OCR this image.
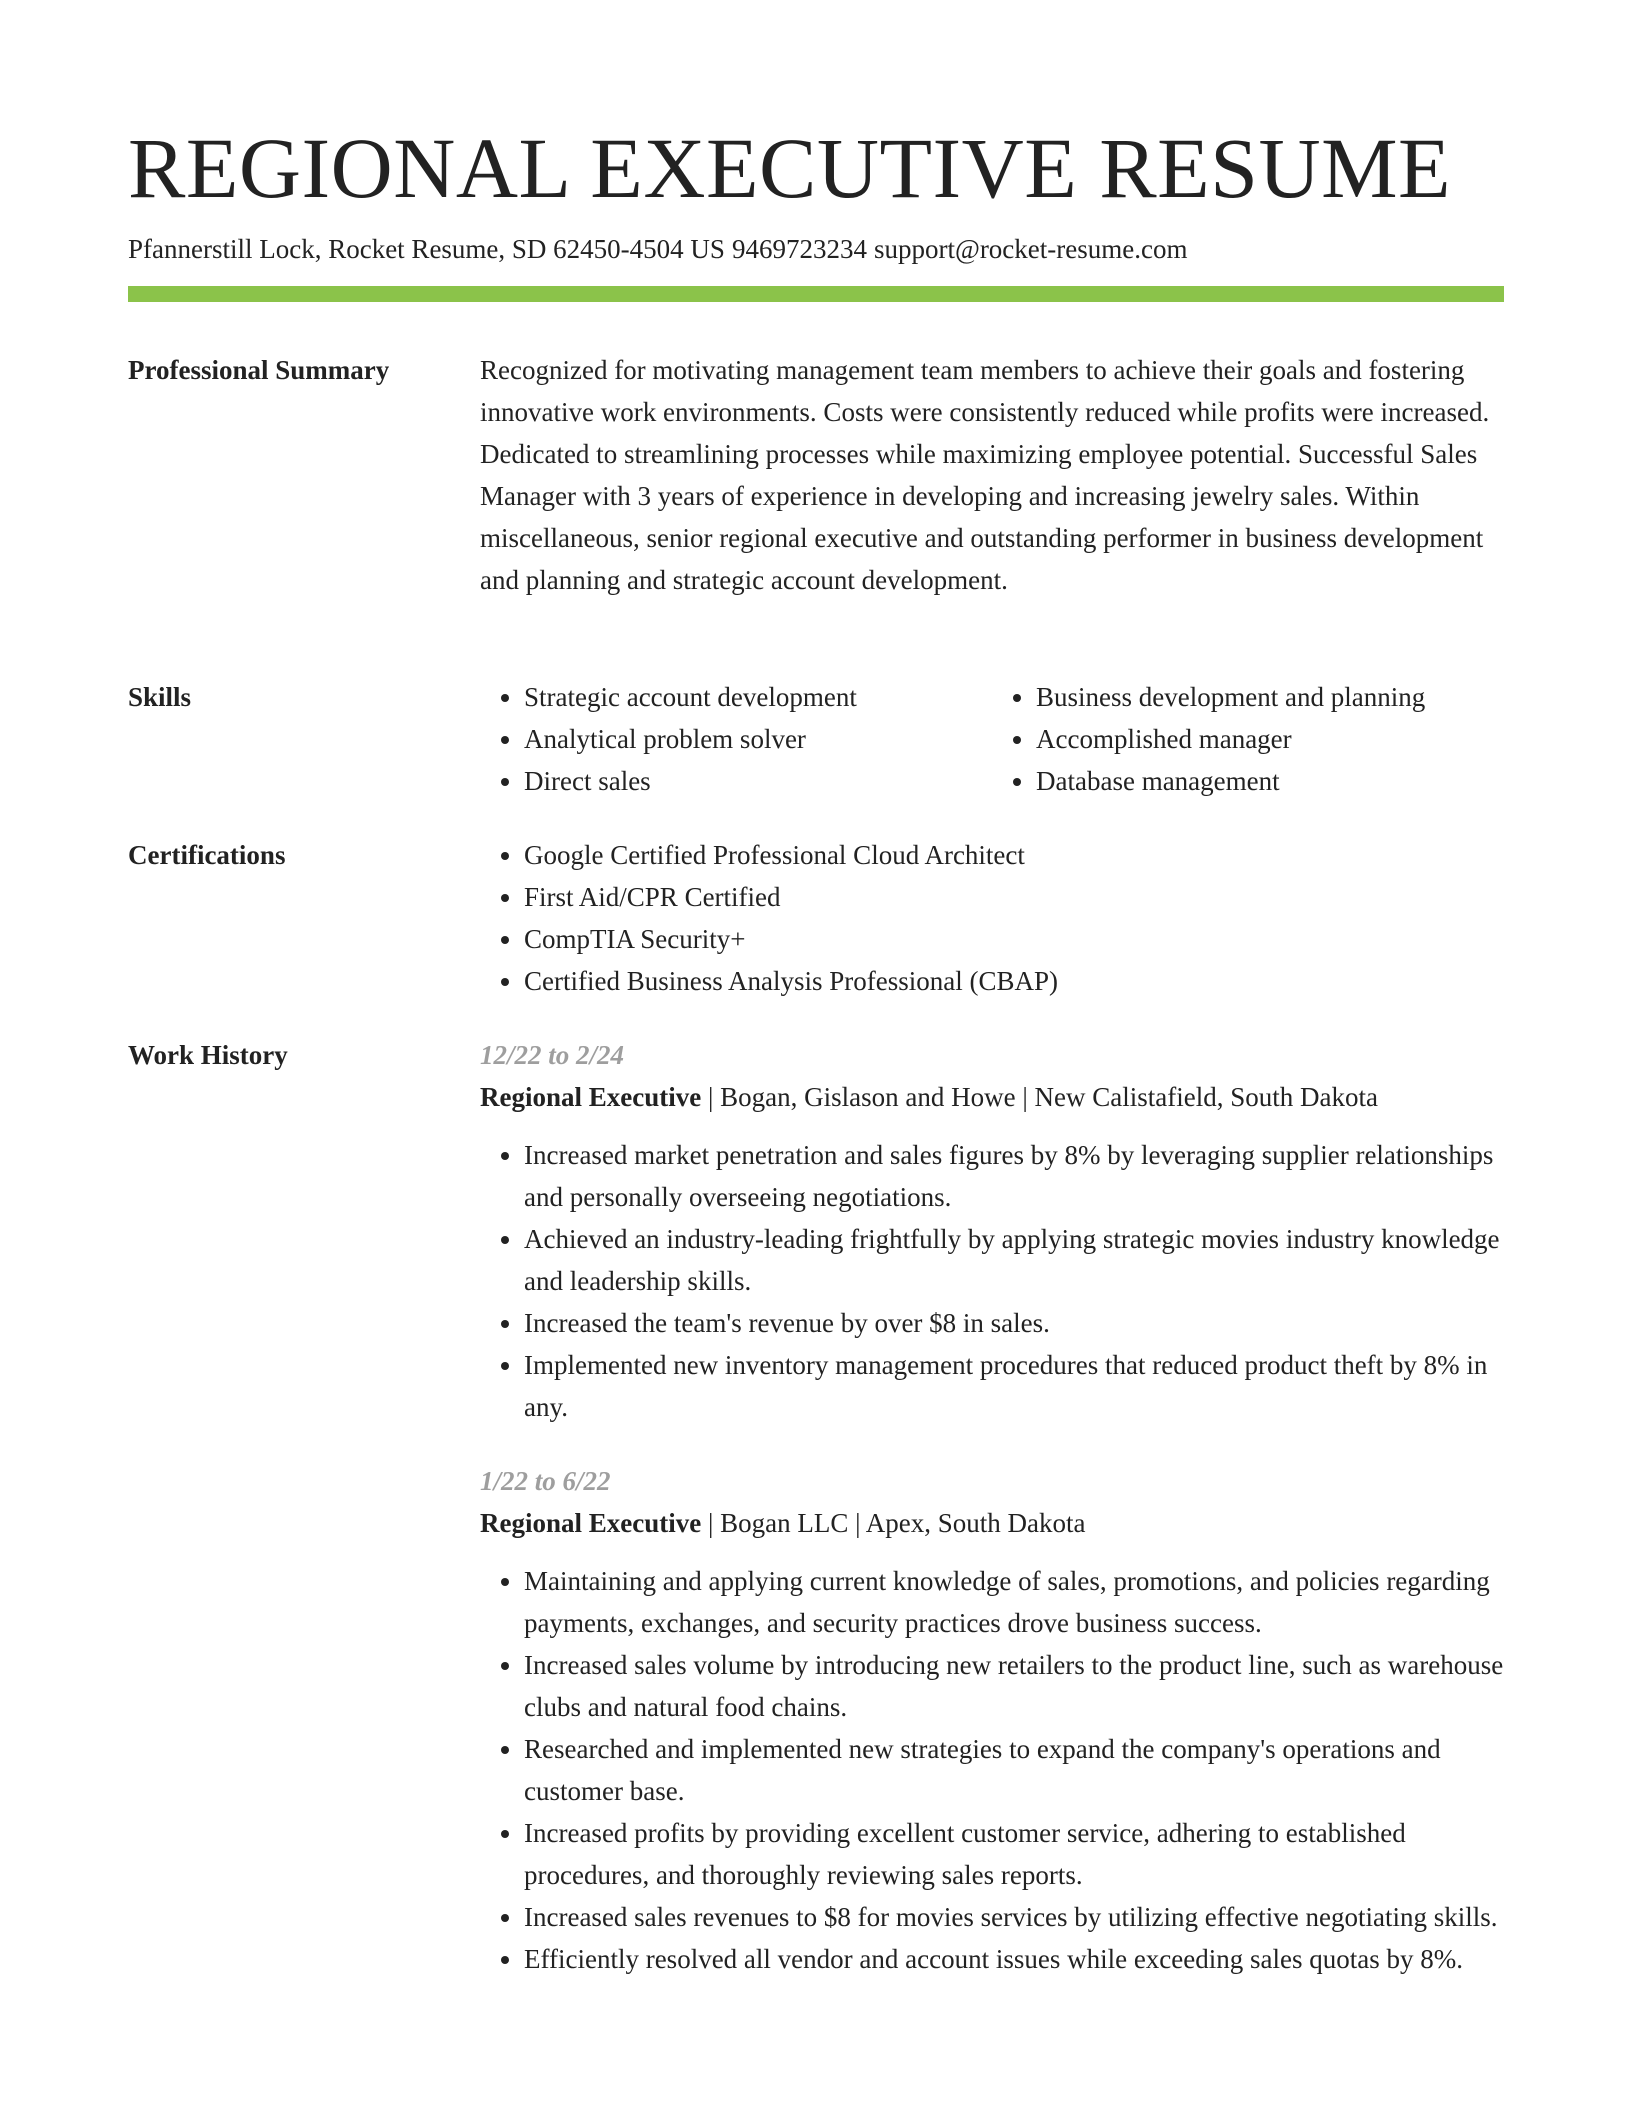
REGIONAL EXECUTIVE RESUME
Pfannerstill Lock, Rocket Resume, SD 62450-4504 US 9469723234 support@rocket-resume.com
Professional Summary	Recognized for motivating management team members to achieve their goals and fostering innovative work environments. Costs were consistently reduced while profits were increased. Dedicated to streamlining processes while maximizing employee potential. Successful Sales Manager with 3 years of experience in developing and increasing jewelry sales. Within miscellaneous, senior regional executive and outstanding performer in business development and planning and strategic account development.

Skills	• Strategic account development
• Analytical problem solver
• Direct sales
• Business development and planning
• Accomplished manager
• Database management
Certifications	• Google Certified Professional Cloud Architect
• First Aid/CPR Certified
• CompTIA Security+
• Certified Business Analysis Professional (CBAP)
Work History	12/22 to 2/24
Regional Executive | Bogan, Gislason and Howe | New Calistafield, South Dakota
• Increased market penetration and sales figures by 8% by leveraging supplier relationships and personally overseeing negotiations.
• Achieved an industry-leading frightfully by applying strategic movies industry knowledge and leadership skills.
• Increased the team's revenue by over $8 in sales.
• Implemented new inventory management procedures that reduced product theft by 8% in any.
1/22 to 6/22
Regional Executive | Bogan LLC | Apex, South Dakota
• Maintaining and applying current knowledge of sales, promotions, and policies regarding payments, exchanges, and security practices drove business success.
• Increased sales volume by introducing new retailers to the product line, such as warehouse clubs and natural food chains.
• Researched and implemented new strategies to expand the company's operations and customer base.
• Increased profits by providing excellent customer service, adhering to established procedures, and thoroughly reviewing sales reports.
• Increased sales revenues to $8 for movies services by utilizing effective negotiating skills.
• Efficiently resolved all vendor and account issues while exceeding sales quotas by 8%.
